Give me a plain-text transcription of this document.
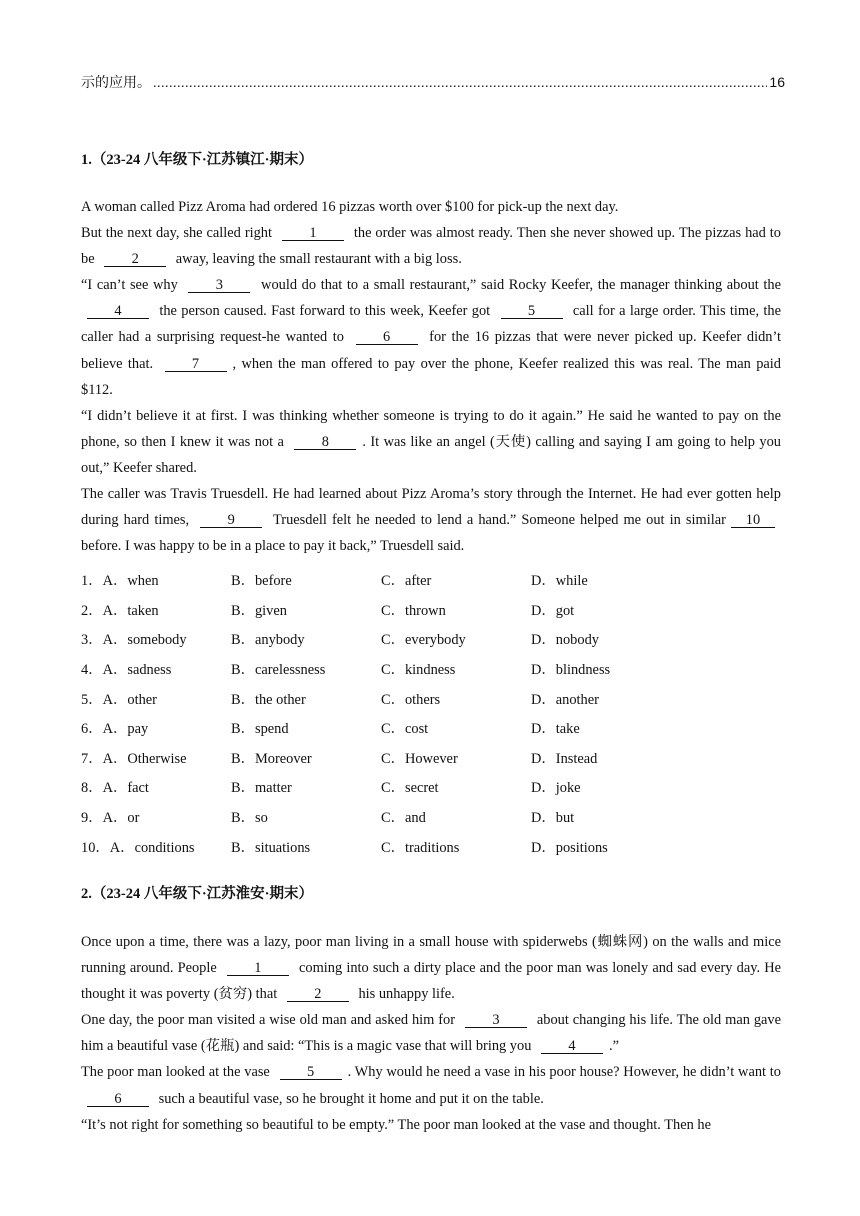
示的应用。
.....	16
1.（23-24 八年级下·江苏镇江·期末）

A woman called Pizz Aroma had ordered 16 pizzas worth over $100 for pick-up the next day.

But the next day, she called right 1 the order was almost ready. Then she never showed up. The pizzas had to be 2 away, leaving the small restaurant with a big loss.

“I can’t see why 3 would do that to a small restaurant,” said Rocky Keefer, the manager thinking about the 4 the person caused. Fast forward to this week, Keefer got 5 call for a large order. This time, the caller had a surprising request-he wanted to 6 for the 16 pizzas that were never picked up. Keefer didn’t believe that. 7 , when the man offered to pay over the phone, Keefer realized this was real. The man paid $112.

“I didn’t believe it at first. I was thinking whether someone is trying to do it again.” He said he wanted to pay on the phone, so then I knew it was not a 8 . It was like an angel (天使) calling and saying I am going to help you out,” Keefer shared.

The caller was Travis Truesdell. He had learned about Pizz Aroma’s story through the Internet. He had ever gotten help during hard times, 9 Truesdell felt he needed to lend a hand.” Someone helped me out in similar 10 before. I was happy to be in a place to pay it back,” Truesdell said.

1．A．when	B．before	C．after	D．while
2．A．taken	B．given	C．thrown	D．got
3．A．somebody	B．anybody	C．everybody	D．nobody
4．A．sadness	B．carelessness	C．kindness	D．blindness
5．A．other	B．the other	C．others	D．another
6．A．pay	B．spend	C．cost	D．take
7．A．Otherwise	B．Moreover	C．However	D．Instead
8．A．fact	B．matter	C．secret	D．joke
9．A．or	B．so	C．and	D．but
10．A．conditions	B．situations	C．traditions	D．positions
2.（23-24 八年级下·江苏淮安·期末）

Once upon a time, there was a lazy, poor man living in a small house with spiderwebs (蜘蛛网) on the walls and mice running around. People 1 coming into such a dirty place and the poor man was lonely and sad every day. He thought it was poverty (贫穷) that 2 his unhappy life.

One day, the poor man visited a wise old man and asked him for 3 about changing his life. The old man gave him a beautiful vase (花瓶) and said: “This is a magic vase that will bring you 4 .”

The poor man looked at the vase 5 . Why would he need a vase in his poor house? However, he didn’t want to 6 such a beautiful vase, so he brought it home and put it on the table.

“It’s not right for something so beautiful to be empty.” The poor man looked at the vase and thought. Then he
